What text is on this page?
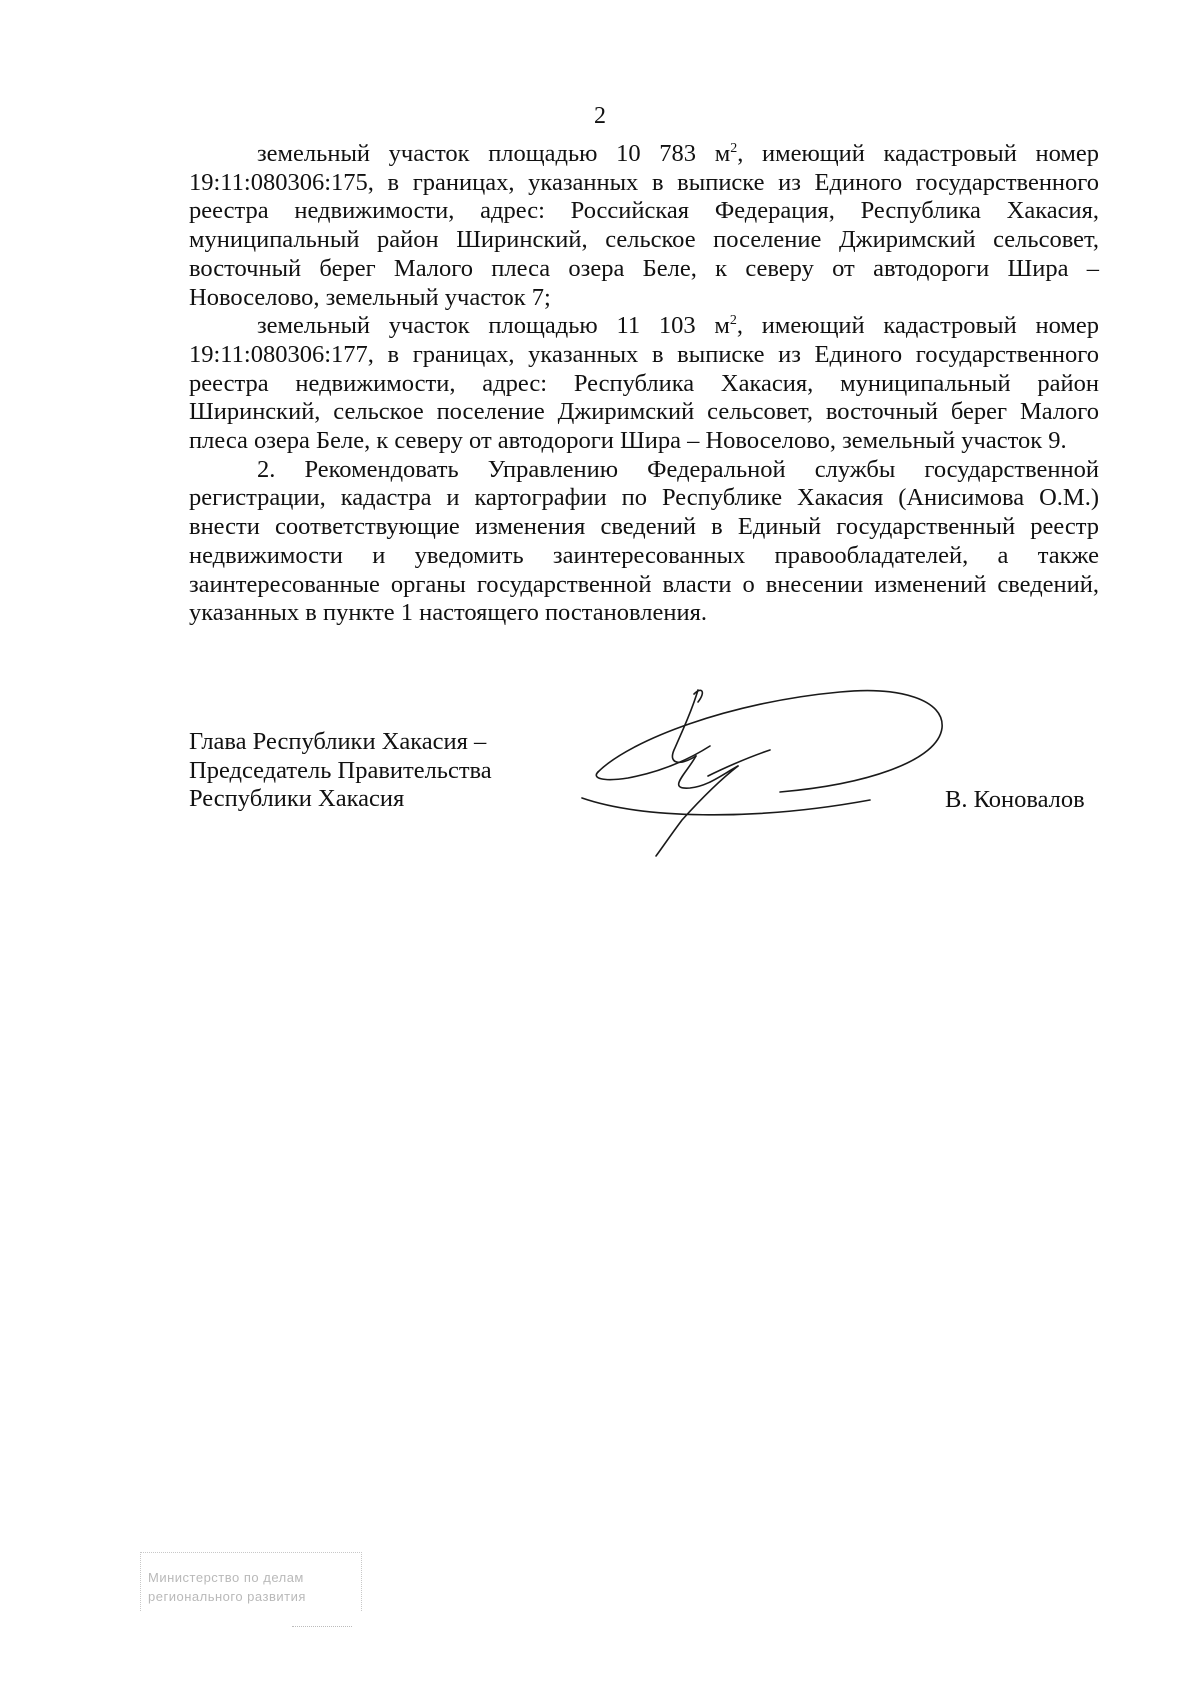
2

земельный участок площадью 10 783 $м^2$, имеющий кадастровый номер 19:11:080306:175, в границах, указанных в выписке из Единого государственного реестра недвижимости, адрес: Российская Федерация, Республика Хакасия, муниципальный район Ширинский, сельское поселение Джиримский сельсовет, восточный берег Малого плеса озера Беле, к северу от автодороги Шира – Новоселово, земельный участок 7;

земельный участок площадью 11 103 $м^2$, имеющий кадастровый номер 19:11:080306:177, в границах, указанных в выписке из Единого государственного реестра недвижимости, адрес: Республика Хакасия, муниципальный район Ширинский, сельское поселение Джиримский сельсовет, восточный берег Малого плеса озера Беле, к северу от автодороги Шира – Новоселово, земельный участок 9.

2. Рекомендовать Управлению Федеральной службы государственной регистрации, кадастра и картографии по Республике Хакасия (Анисимова О.М.) внести соответствующие изменения сведений в Единый государственный реестр недвижимости и уведомить заинтересованных правообладателей, а также заинтересованные органы государственной власти о внесении изменений сведений, указанных в пункте 1 настоящего постановления.

Глава Республики Хакасия –
Председатель Правительства
Республики Хакасия	В. Коновалов
Министерство по делам
регионального развития
